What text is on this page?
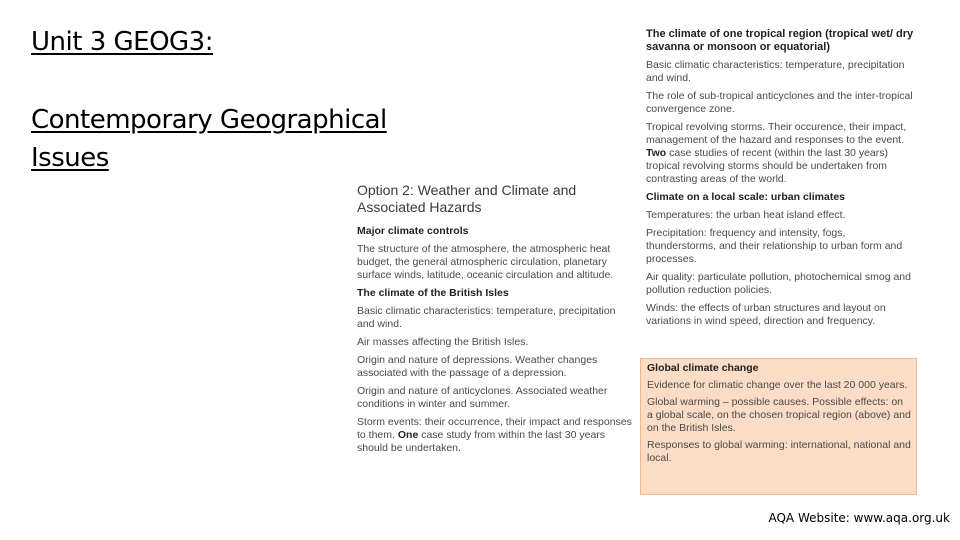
Unit 3 GEOG3:
Contemporary Geographical Issues

Option 2: Weather and Climate and Associated Hazards

Major climate controls

The structure of the atmosphere, the atmospheric heat budget, the general atmospheric circulation, planetary surface winds, latitude, oceanic circulation and altitude.

The climate of the British Isles

Basic climatic characteristics: temperature, precipitation and wind.

Air masses affecting the British Isles.

Origin and nature of depressions. Weather changes associated with the passage of a depression.

Origin and nature of anticyclones. Associated weather conditions in winter and summer.

Storm events: their occurrence, their impact and responses to them. One case study from within the last 30 years should be undertaken.

The climate of one tropical region (tropical wet/ dry savanna or monsoon or equatorial)

Basic climatic characteristics: temperature, precipitation and wind.

The role of sub-tropical anticyclones and the inter-tropical convergence zone.

Tropical revolving storms. Their occurence, their impact, management of the hazard and responses to the event. Two case studies of recent (within the last 30 years) tropical revolving storms should be undertaken from contrasting areas of the world.

Climate on a local scale: urban climates

Temperatures: the urban heat island effect.

Precipitation: frequency and intensity, fogs, thunderstorms, and their relationship to urban form and processes.

Air quality: particulate pollution, photochemical smog and pollution reduction policies.

Winds: the effects of urban structures and layout on variations in wind speed, direction and frequency.

Global climate change

Evidence for climatic change over the last 20 000 years.

Global warming – possible causes. Possible effects: on a global scale, on the chosen tropical region (above) and on the British Isles.

Responses to global warming: international, national and local.

AQA Website: www.aqa.org.uk
